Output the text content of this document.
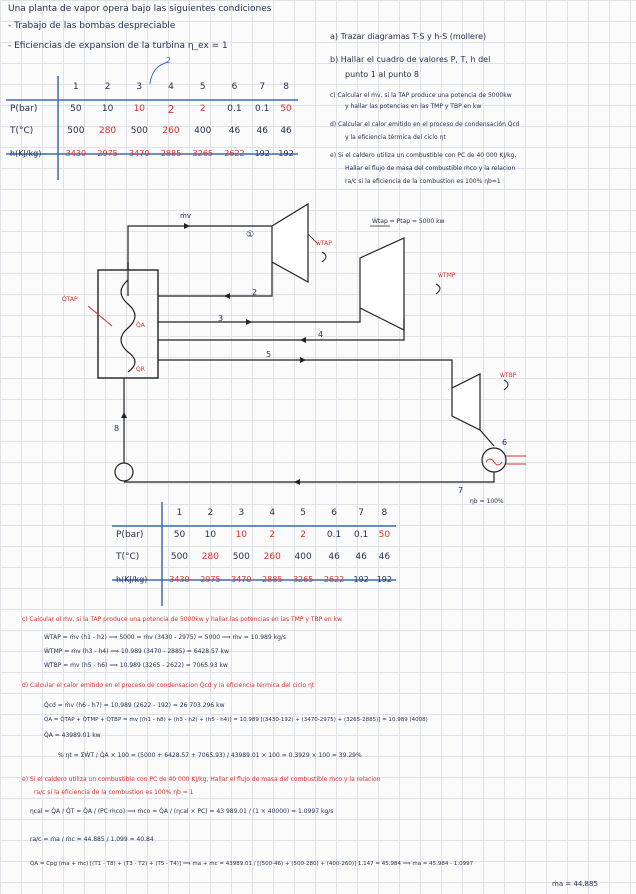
Una planta de vapor opera bajo las siguientes condiciones
- Trabajo de las bombas despreciable
- Eficiencias de expansion de la turbina η_ex = 1
a) Trazar diagramas T-S y h-S (mollere)
b) Hallar el cuadro de valores P, T, h del
punto 1 al punto 8
c) Calcular el ṁv, si la TAP produce una potencia de 5000kw
y hallar las potencias en las TMP y TBP en kw
d) Calcular el calor emitido en el proceso de condensación Q̇cd
y la eficiencia térmica del ciclo ηt
e) Si el caldero utiliza un combustible con PC de 40 000 KJ/kg,
Hallar el flujo de masa del combustible ṁco y la relacion
ra/c si la eficiencia de la combustion es 100% ηb=1
	1	2	3	4	5	6	7	8
P(bar)	50	10	10	2	2	0.1	0.1	50
T(°C)	500	280	500	260	400	46	46	46
h(KJ/kg)	3430	2975	3470	2885	3265	2622	192	192
2
ṁv
①
Ẇtap = Ptap = 5000 kw
ẇTAP
ẇTMP
ẇTBP
Q̇TAP
Q̇A
Q̇R
2
3
4
5
6
8
7
ηb = 100%
	1	2	3	4	5	6	7	8
P(bar)	50	10	10	2	2	0.1	0.1	50
T(°C)	500	280	500	260	400	46	46	46
h(KJ/kg)	3430	2975	3470	2885	3265	2622	192	192
c) Calcular el ṁv, si la TAP produce una potencia de 5000kw y hallar las potencias en las TMP y TBP en kw
ẆTAP = ṁv (h1 - h2) ⟹ 5000 = ṁv (3430 - 2975) = 5000 ⟹ ṁv = 10.989 kg/s
ẆTMP = ṁv (h3 - h4) ⟹ 10.989 (3470 - 2885) = 6428.57 kw
ẆTBP = ṁv (h5 - h6) ⟹ 10.989 (3265 - 2622) = 7065.93 kw
d) Calcular el calor emitido en el proceso de condensacion Q̇cd y la eficiencia térmica del ciclo ηt
Q̇cd = ṁv (h6 - h7) = 10.989 (2622 - 192) = 26 703.296 kw
Q̇A = Q̇TAP + Q̇TMP + Q̇TBP = ṁv [(h1 - h8) + (h3 - h2) + (h5 - h4)] = 10.989 [(3430-192) + (3470-2975) + (3265-2885)] = 10.989 (4008)
Q̇A = 43989.01 kw
% ηt = ΣẆT / Q̇A × 100 = (5000 + 6428.57 + 7065.93) / 43989.01 × 100 = 0.3929 × 100 = 39.29%
e) Si el caldero utiliza un combustible con PC de 40 000 KJ/kg, Hallar el flujo de masa del combustible ṁco y la relacion
ra/c si la eficiencia de la combustion es 100% ηb = 1
ηcal = Q̇A / Q̇T = Q̇A / (PC·ṁco) ⟹ ṁco = Q̇A / (ηcal × PC) = 43 989.01 / (1 × 40000) = 1.0997 kg/s
ra/c = ṁa / ṁc = 44.885 / 1.099 = 40.84
Q̇A = Cpg (ṁa + ṁc) [(T1 - T8) + (T3 - T2) + (T5 - T4)] ⟹ ṁa + ṁc = 43989.01 / [(500-46) + (500-280) + (400-260)] 1.147 = 45.984 ⟹ ṁa = 45.984 - 1.0997
ṁa = 44.885
